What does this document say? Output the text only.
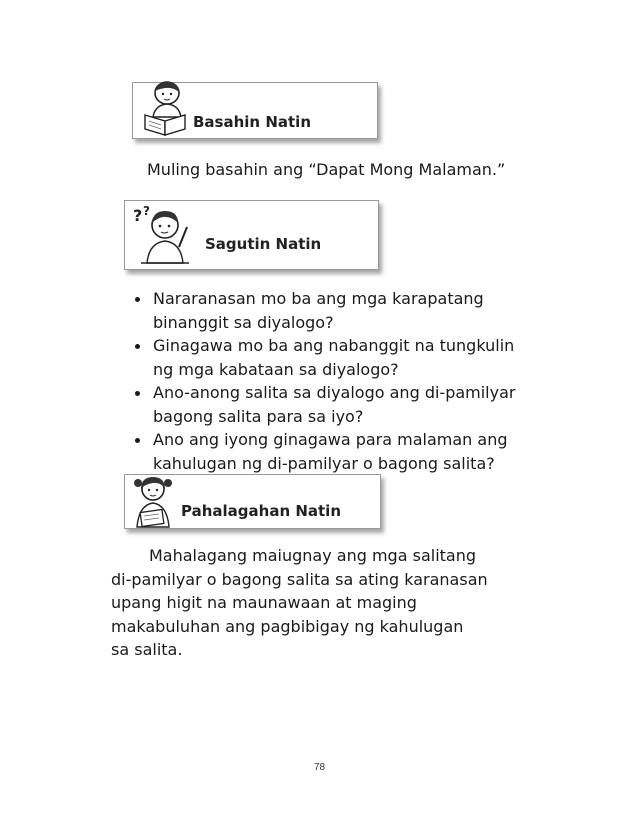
Basahin Natin
Muling basahin ang “Dapat Mong Malaman.”
? ?
Sagutin Natin
Nararanasan mo ba ang mga karapatang
binanggit sa diyalogo?
Ginagawa mo ba ang nabanggit na tungkulin
ng mga kabataan sa diyalogo?
Ano-anong salita sa diyalogo ang di-pamilyar
bagong salita para sa iyo?
Ano ang iyong ginagawa para malaman ang
kahulugan ng di-pamilyar o bagong salita?
Pahalagahan Natin
Mahalagang maiugnay ang mga salitang
di-pamilyar o bagong salita sa ating karanasan
upang higit na maunawaan at maging
makabuluhan ang pagbibigay ng kahulugan
sa salita.
78
